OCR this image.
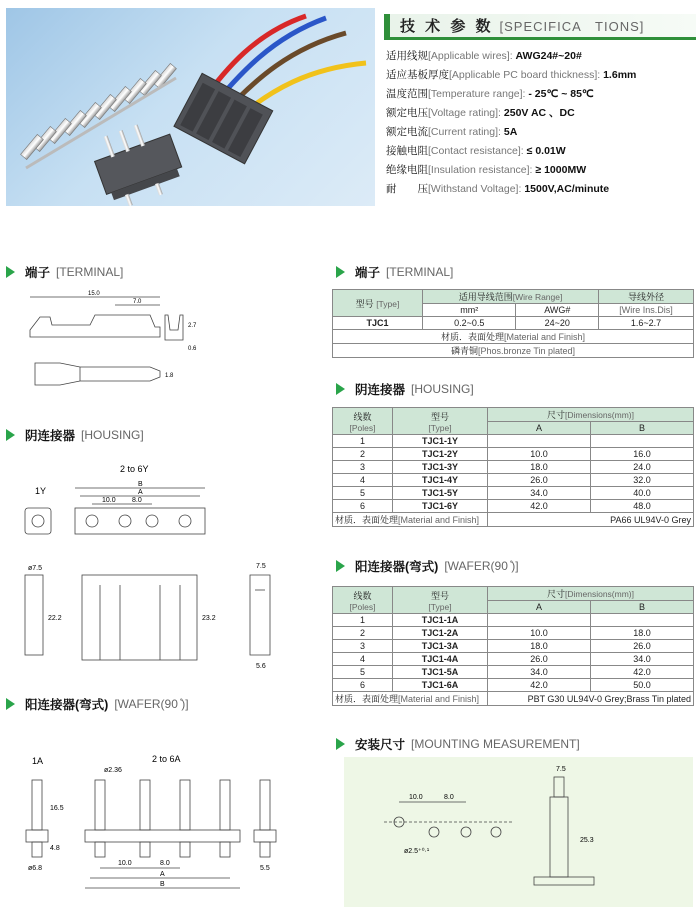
技 术 参 数 [SPECIFICA　TIONS]
适用线规[Applicable wires]: AWG24#~20#
适应基板厚度[Applicable PC board thickness]: 1.6mm
温度范围[Temperature range]: - 25℃ ~ 85℃
额定电压[Voltage rating]: 250V AC 、DC
额定电流[Current rating]: 5A
接触电阻[Contact resistance]: ≤ 0.01W
绝缘电阻[Insulation resistance]: ≥ 1000MW
耐　　压[Withstand Voltage]: 1500V,AC/minute
端子 [TERMINAL]
阴连接器 [HOUSING]
阳连接器(弯式) [WAFER(90 ̊)]
端子 [TERMINAL]
阴连接器 [HOUSING]
阳连接器(弯式) [WAFER(90 ̊)]
安装尺寸 [MOUNTING MEASUREMENT]
型号 [Type]	适用导线范围[Wire Range]		导线外径
	mm²	AWG#	[Wire Ins.Dis]
TJC1	0.2~0.5	24~20	1.6~2.7
材质．表面处理[Material and Finish]			
磷青铜[Phos.bronze Tin plated]			
线数
[Poles]	型号
[Type]	尺寸[Dimensions(mm)]	
		A	B
1	TJC1-1Y		
2	TJC1-2Y	10.0	16.0
3	TJC1-3Y	18.0	24.0
4	TJC1-4Y	26.0	32.0
5	TJC1-5Y	34.0	40.0
6	TJC1-6Y	42.0	48.0
材质．表面处理[Material and Finish]		PA66 UL94V-0 Grey	
线数
[Poles]	型号
[Type]	尺寸[Dimensions(mm)]	
		A	B
1	TJC1-1A		
2	TJC1-2A	10.0	18.0
3	TJC1-3A	18.0	26.0
4	TJC1-4A	26.0	34.0
5	TJC1-5A	34.0	42.0
6	TJC1-6A	42.0	50.0
材质．表面处理[Material and Finish]		PBT G30 UL94V-0 Grey;Brass Tin plated	
15.0
7.0
2.7
0.6
1.8
1Y
2 to 6Y
B
A
10.0 8.0
ø7.5
22.2	23.2
7.5
5.6
1A	2 to 6A
ø2.36
16.5
4.8
ø6.8
10.0	8.0
A
B
5.5
7.5
10.0	8.0
ø2.5⁺⁰·¹
25.3
